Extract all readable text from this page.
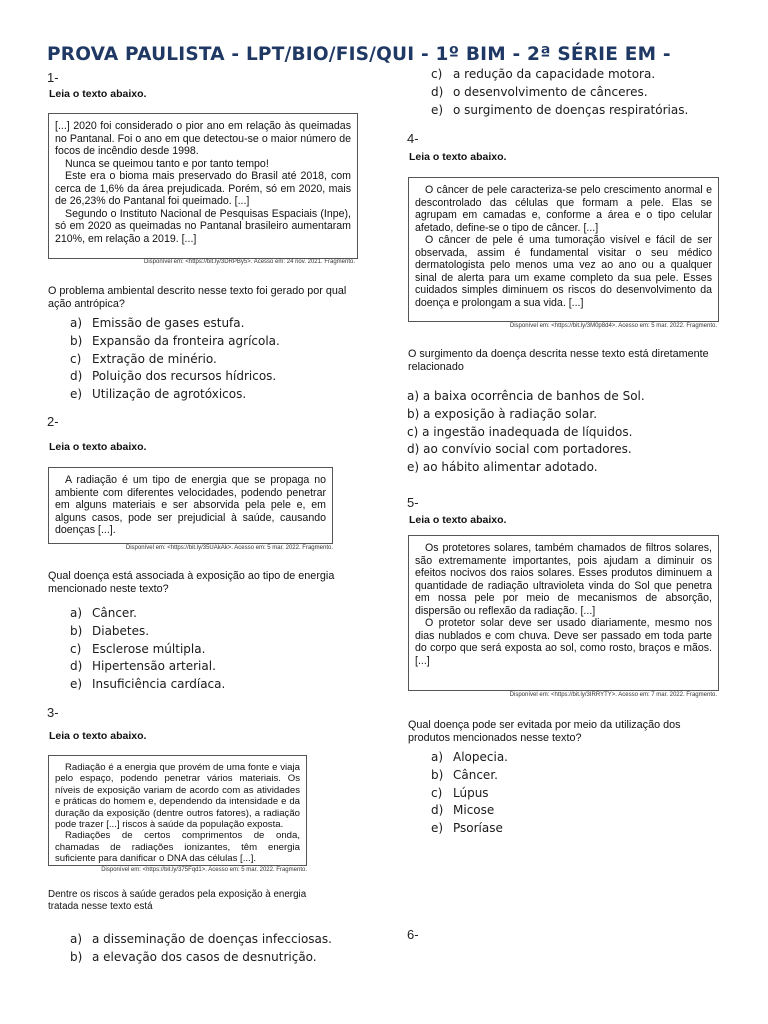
PROVA PAULISTA - LPT/BIO/FIS/QUI - 1º BIM - 2ª SÉRIE EM -
1-
Leia o texto abaixo.

[...] 2020 foi considerado o pior ano em relação às queimadas no Pantanal. Foi o ano em que detectou-se o maior número de focos de incêndio desde 1998.

Nunca se queimou tanto e por tanto tempo!

Este era o bioma mais preservado do Brasil até 2018, com cerca de 1,6% da área prejudicada. Porém, só em 2020, mais de 26,23% do Pantanal foi queimado. [...]

Segundo o Instituto Nacional de Pesquisas Espaciais (Inpe), só em 2020 as queimadas no Pantanal brasileiro aumentaram 210%, em relação a 2019. [...]

Disponível em: <https://bit.ly/3DRPBy5>. Acesso em: 24 nov. 2021. Fragmento.
O problema ambiental descrito nesse texto foi gerado por qual ação antrópica?
a) Emissão de gases estufa.
b) Expansão da fronteira agrícola.
c) Extração de minério.
d) Poluição dos recursos hídricos.
e) Utilização de agrotóxicos.
2-
Leia o texto abaixo.

A radiação é um tipo de energia que se propaga no ambiente com diferentes velocidades, podendo penetrar em alguns materiais e ser absorvida pela pele e, em alguns casos, pode ser prejudicial à saúde, causando doenças [...].

Disponível em: <https://bit.ly/35UAkAk>. Acesso em: 5 mar. 2022. Fragmento.
Qual doença está associada à exposição ao tipo de energia mencionado neste texto?
a) Câncer.
b) Diabetes.
c) Esclerose múltipla.
d) Hipertensão arterial.
e) Insuficiência cardíaca.
3-
Leia o texto abaixo.

Radiação é a energia que provém de uma fonte e viaja pelo espaço, podendo penetrar vários materiais. Os níveis de exposição variam de acordo com as atividades e práticas do homem e, dependendo da intensidade e da duração da exposição (dentre outros fatores), a radiação pode trazer [...] riscos à saúde da população exposta.

Radiações de certos comprimentos de onda, chamadas de radiações ionizantes, têm energia suficiente para danificar o DNA das células [...].

Disponível em: <https://bit.ly/375Fqd1>. Acesso em: 5 mar. 2022. Fragmento.
Dentre os riscos à saúde gerados pela exposição à energia tratada nesse texto está
a) a disseminação de doenças infecciosas.
b) a elevação dos casos de desnutrição.
c) a redução da capacidade motora.
d) o desenvolvimento de cânceres.
e) o surgimento de doenças respiratórias.
4-
Leia o texto abaixo.

O câncer de pele caracteriza-se pelo crescimento anormal e descontrolado das células que formam a pele. Elas se agrupam em camadas e, conforme a área e o tipo celular afetado, define-se o tipo de câncer. [...]

O câncer de pele é uma tumoração visível e fácil de ser observada, assim é fundamental visitar o seu médico dermatologista pelo menos uma vez ao ano ou a qualquer sinal de alerta para um exame completo da sua pele. Esses cuidados simples diminuem os riscos do desenvolvimento da doença e prolongam a sua vida. [...]

Disponível em: <https://bit.ly/3M0p8d4>. Acesso em: 5 mar. 2022. Fragmento.
O surgimento da doença descrita nesse texto está diretamente relacionado
a) a baixa ocorrência de banhos de Sol.
b) a exposição à radiação solar.
c) a ingestão inadequada de líquidos.
d) ao convívio social com portadores.
e) ao hábito alimentar adotado.
5-
Leia o texto abaixo.

Os protetores solares, também chamados de filtros solares, são extremamente importantes, pois ajudam a diminuir os efeitos nocivos dos raios solares. Esses produtos diminuem a quantidade de radiação ultravioleta vinda do Sol que penetra em nossa pele por meio de mecanismos de absorção, dispersão ou reflexão da radiação. [...]

O protetor solar deve ser usado diariamente, mesmo nos dias nublados e com chuva. Deve ser passado em toda parte do corpo que será exposta ao sol, como rosto, braços e mãos. [...]

Disponível em: <https://bit.ly/3IRRYTY>. Acesso em: 7 mar. 2022. Fragmento.
Qual doença pode ser evitada por meio da utilização dos produtos mencionados nesse texto?
a) Alopecia.
b) Câncer.
c) Lúpus
d) Micose
e) Psoríase
6-
